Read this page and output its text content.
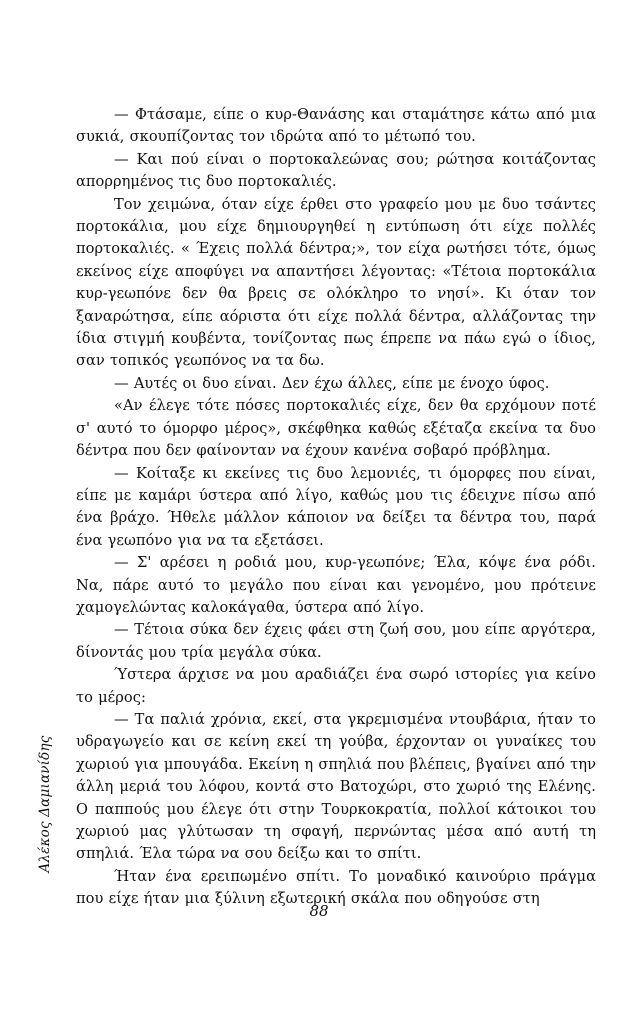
Αλέκος Δαμιανίδης

— Φτάσαμε, είπε ο κυρ-Θανάσης και σταμάτησε κάτω από μια συκιά, σκουπίζοντας τον ιδρώτα από το μέτωπό του.

— Και πού είναι ο πορτοκαλεώνας σου; ρώτησα κοιτάζοντας απορρημένος τις δυο πορτοκαλιές.

Τον χειμώνα, όταν είχε έρθει στο γραφείο μου με δυο τσάντες πορτοκάλια, μου είχε δημιουργηθεί η εντύπωση ότι είχε πολλές πορτοκαλιές. « Έχεις πολλά δέντρα;», τον είχα ρωτήσει τότε, όμως εκείνος είχε αποφύγει να απαντήσει λέγοντας: «Τέτοια πορτοκάλια κυρ-γεωπόνε δεν θα βρεις σε ολόκληρο το νησί». Κι όταν τον ξαναρώτησα, είπε αόριστα ότι είχε πολλά δέντρα, αλλάζοντας την ίδια στιγμή κουβέντα, τονίζοντας πως έπρεπε να πάω εγώ ο ίδιος, σαν τοπικός γεωπόνος να τα δω.

— Αυτές οι δυο είναι. Δεν έχω άλλες, είπε με ένοχο ύφος.

«Αν έλεγε τότε πόσες πορτοκαλιές είχε, δεν θα ερχόμουν ποτέ σ' αυτό το όμορφο μέρος», σκέφθηκα καθώς εξέταζα εκείνα τα δυο δέντρα που δεν φαίνονταν να έχουν κανένα σοβαρό πρόβλημα.

— Κοίταξε κι εκείνες τις δυο λεμονιές, τι όμορφες που είναι, είπε με καμάρι ύστερα από λίγο, καθώς μου τις έδειχνε πίσω από ένα βράχο. Ήθελε μάλλον κάποιον να δείξει τα δέντρα του, παρά ένα γεωπόνο για να τα εξετάσει.

— Σ' αρέσει η ροδιά μου, κυρ-γεωπόνε; Έλα, κόψε ένα ρόδι. Να, πάρε αυτό το μεγάλο που είναι και γενομένο, μου πρότεινε χαμογελώντας καλοκάγαθα, ύστερα από λίγο.

— Τέτοια σύκα δεν έχεις φάει στη ζωή σου, μου είπε αργότερα, δίνοντάς μου τρία μεγάλα σύκα.

Ύστερα άρχισε να μου αραδιάζει ένα σωρό ιστορίες για κείνο το μέρος:

— Τα παλιά χρόνια, εκεί, στα γκρεμισμένα ντουβάρια, ήταν το υδραγωγείο και σε κείνη εκεί τη γούβα, έρχονταν οι γυναίκες του χωριού για μπουγάδα. Εκείνη η σπηλιά που βλέπεις, βγαίνει από την άλλη μεριά του λόφου, κοντά στο Βατοχώρι, στο χωριό της Ελένης. Ο παππούς μου έλεγε ότι στην Τουρκοκρατία, πολλοί κάτοικοι του χωριού μας γλύτωσαν τη σφαγή, περνώντας μέσα από αυτή τη σπηλιά. Έλα τώρα να σου δείξω και το σπίτι.

Ήταν ένα ερειπωμένο σπίτι. Το μοναδικό καινούριο πράγμα που είχε ήταν μια ξύλινη εξωτερική σκάλα που οδηγούσε στη

88
